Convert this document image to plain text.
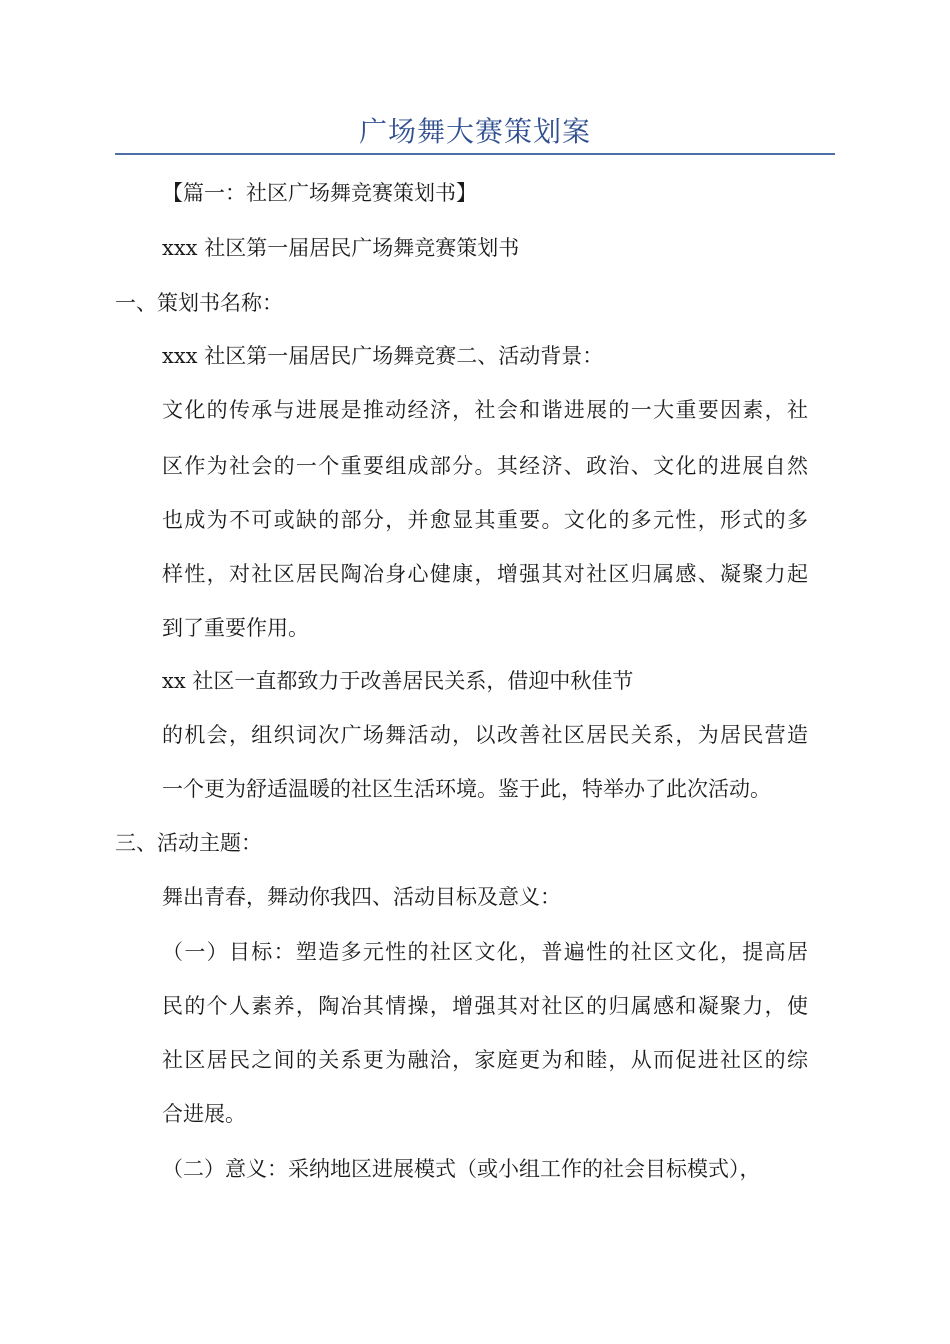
广场舞大赛策划案
【篇一：社区广场舞竞赛策划书】
xxx 社区第一届居民广场舞竞赛策划书
一、策划书名称：
xxx 社区第一届居民广场舞竞赛二、活动背景：
文化的传承与进展是推动经济，社会和谐进展的一大重要因素，社
区作为社会的一个重要组成部分。其经济、政治、文化的进展自然
也成为不可或缺的部分，并愈显其重要。文化的多元性，形式的多
样性，对社区居民陶冶身心健康，增强其对社区归属感、凝聚力起
到了重要作用。
xx 社区一直都致力于改善居民关系，借迎中秋佳节
的机会，组织词次广场舞活动，以改善社区居民关系，为居民营造
一个更为舒适温暖的社区生活环境。鉴于此，特举办了此次活动。
三、活动主题：
舞出青春，舞动你我四、活动目标及意义：
（一）目标：塑造多元性的社区文化，普遍性的社区文化，提高居
民的个人素养，陶冶其情操，增强其对社区的归属感和凝聚力，使
社区居民之间的关系更为融洽，家庭更为和睦，从而促进社区的综
合进展。
（二）意义：采纳地区进展模式（或小组工作的社会目标模式），
